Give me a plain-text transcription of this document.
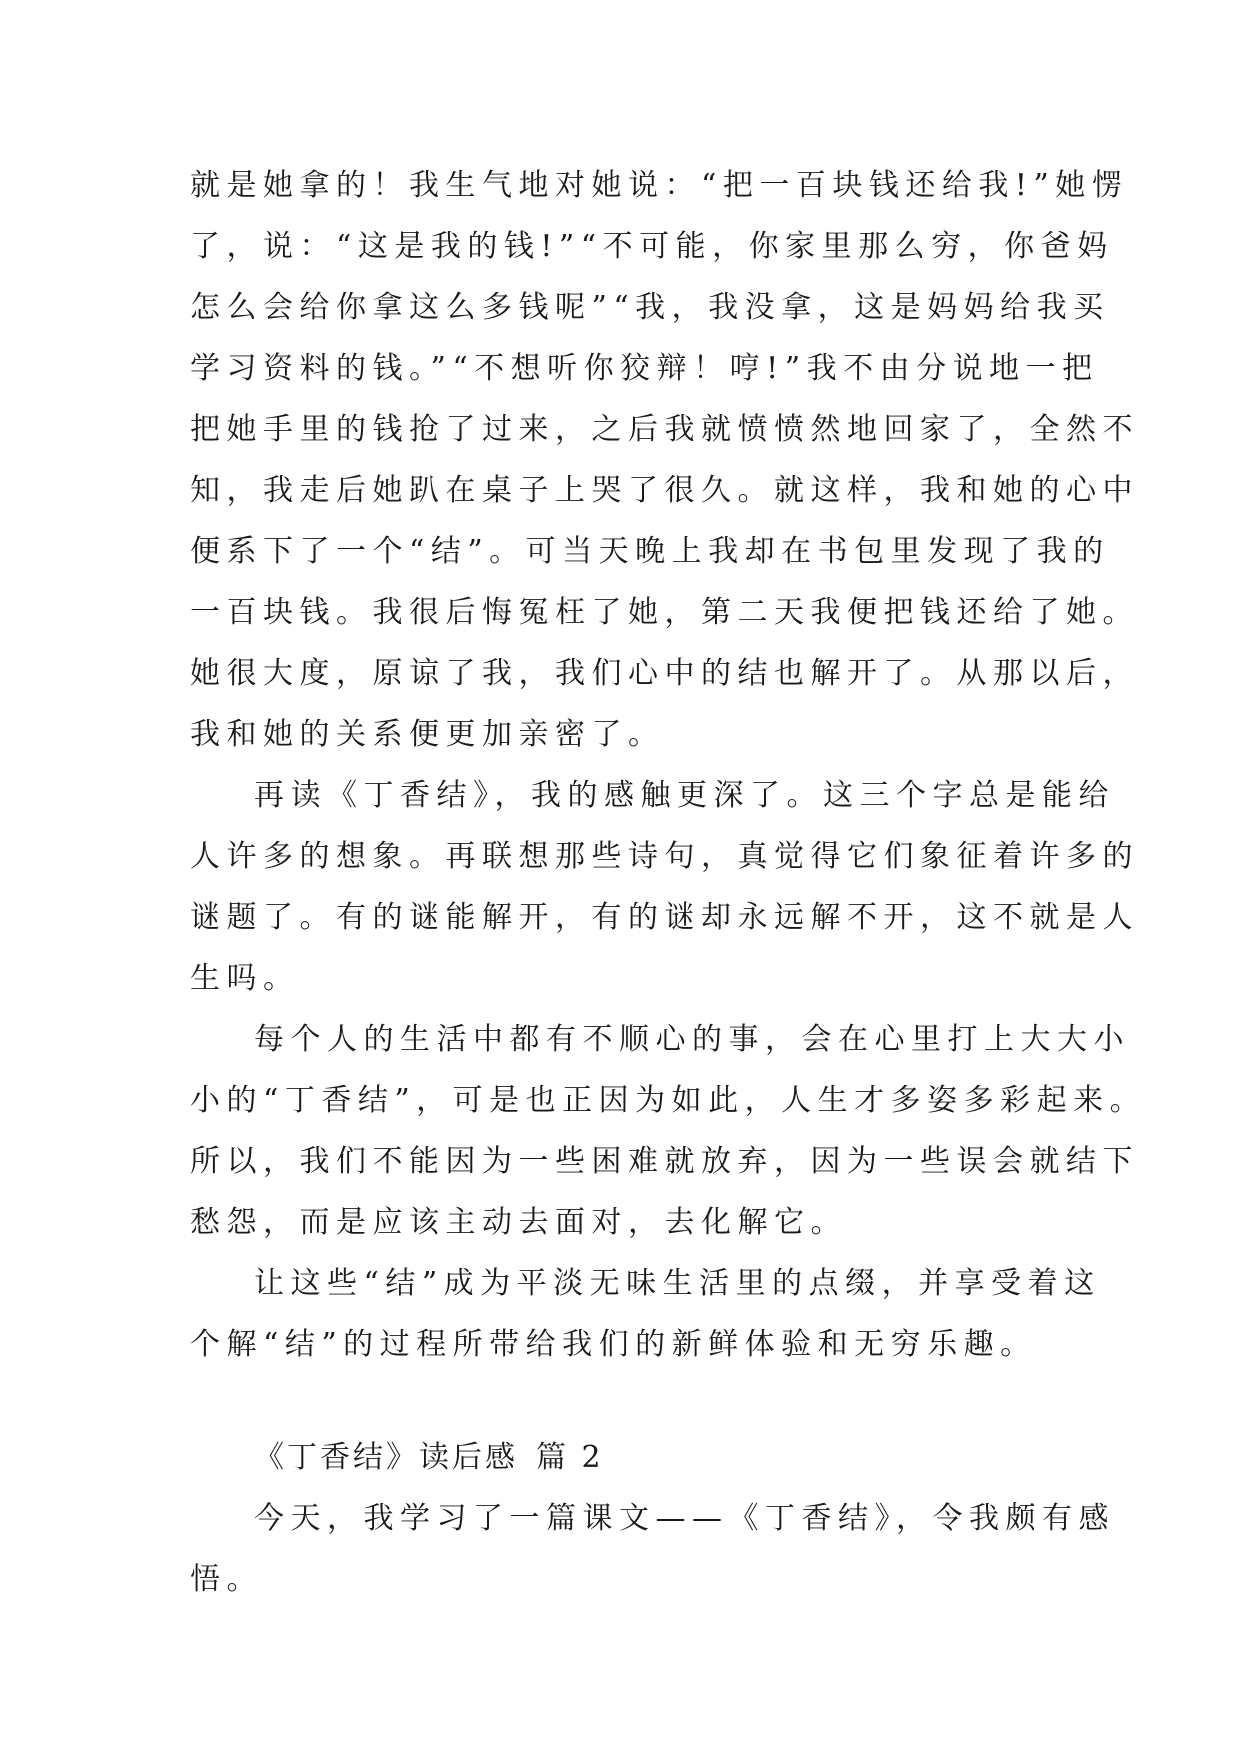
就是她拿的！我生气地对她说：“把一百块钱还给我!”她愣
了，说：“这是我的钱!”“不可能，你家里那么穷，你爸妈
怎么会给你拿这么多钱呢”“我，我没拿，这是妈妈给我买
学习资料的钱。”“不想听你狡辩！哼!”我不由分说地一把
把她手里的钱抢了过来，之后我就愤愤然地回家了，全然不
知，我走后她趴在桌子上哭了很久。就这样，我和她的心中
便系下了一个“结”。可当天晚上我却在书包里发现了我的
一百块钱。我很后悔冤枉了她，第二天我便把钱还给了她。
她很大度，原谅了我，我们心中的结也解开了。从那以后，
我和她的关系便更加亲密了。
再读《丁香结》，我的感触更深了。这三个字总是能给
人许多的想象。再联想那些诗句，真觉得它们象征着许多的
谜题了。有的谜能解开，有的谜却永远解不开，这不就是人
生吗。
每个人的生活中都有不顺心的事，会在心里打上大大小
小的“丁香结”，可是也正因为如此，人生才多姿多彩起来。
所以，我们不能因为一些困难就放弃，因为一些误会就结下
愁怨，而是应该主动去面对，去化解它。
让这些“结”成为平淡无味生活里的点缀，并享受着这
个解“结”的过程所带给我们的新鲜体验和无穷乐趣。
《丁香结》读后感 篇 2
今天，我学习了一篇课文——《丁香结》，令我颇有感
悟。
